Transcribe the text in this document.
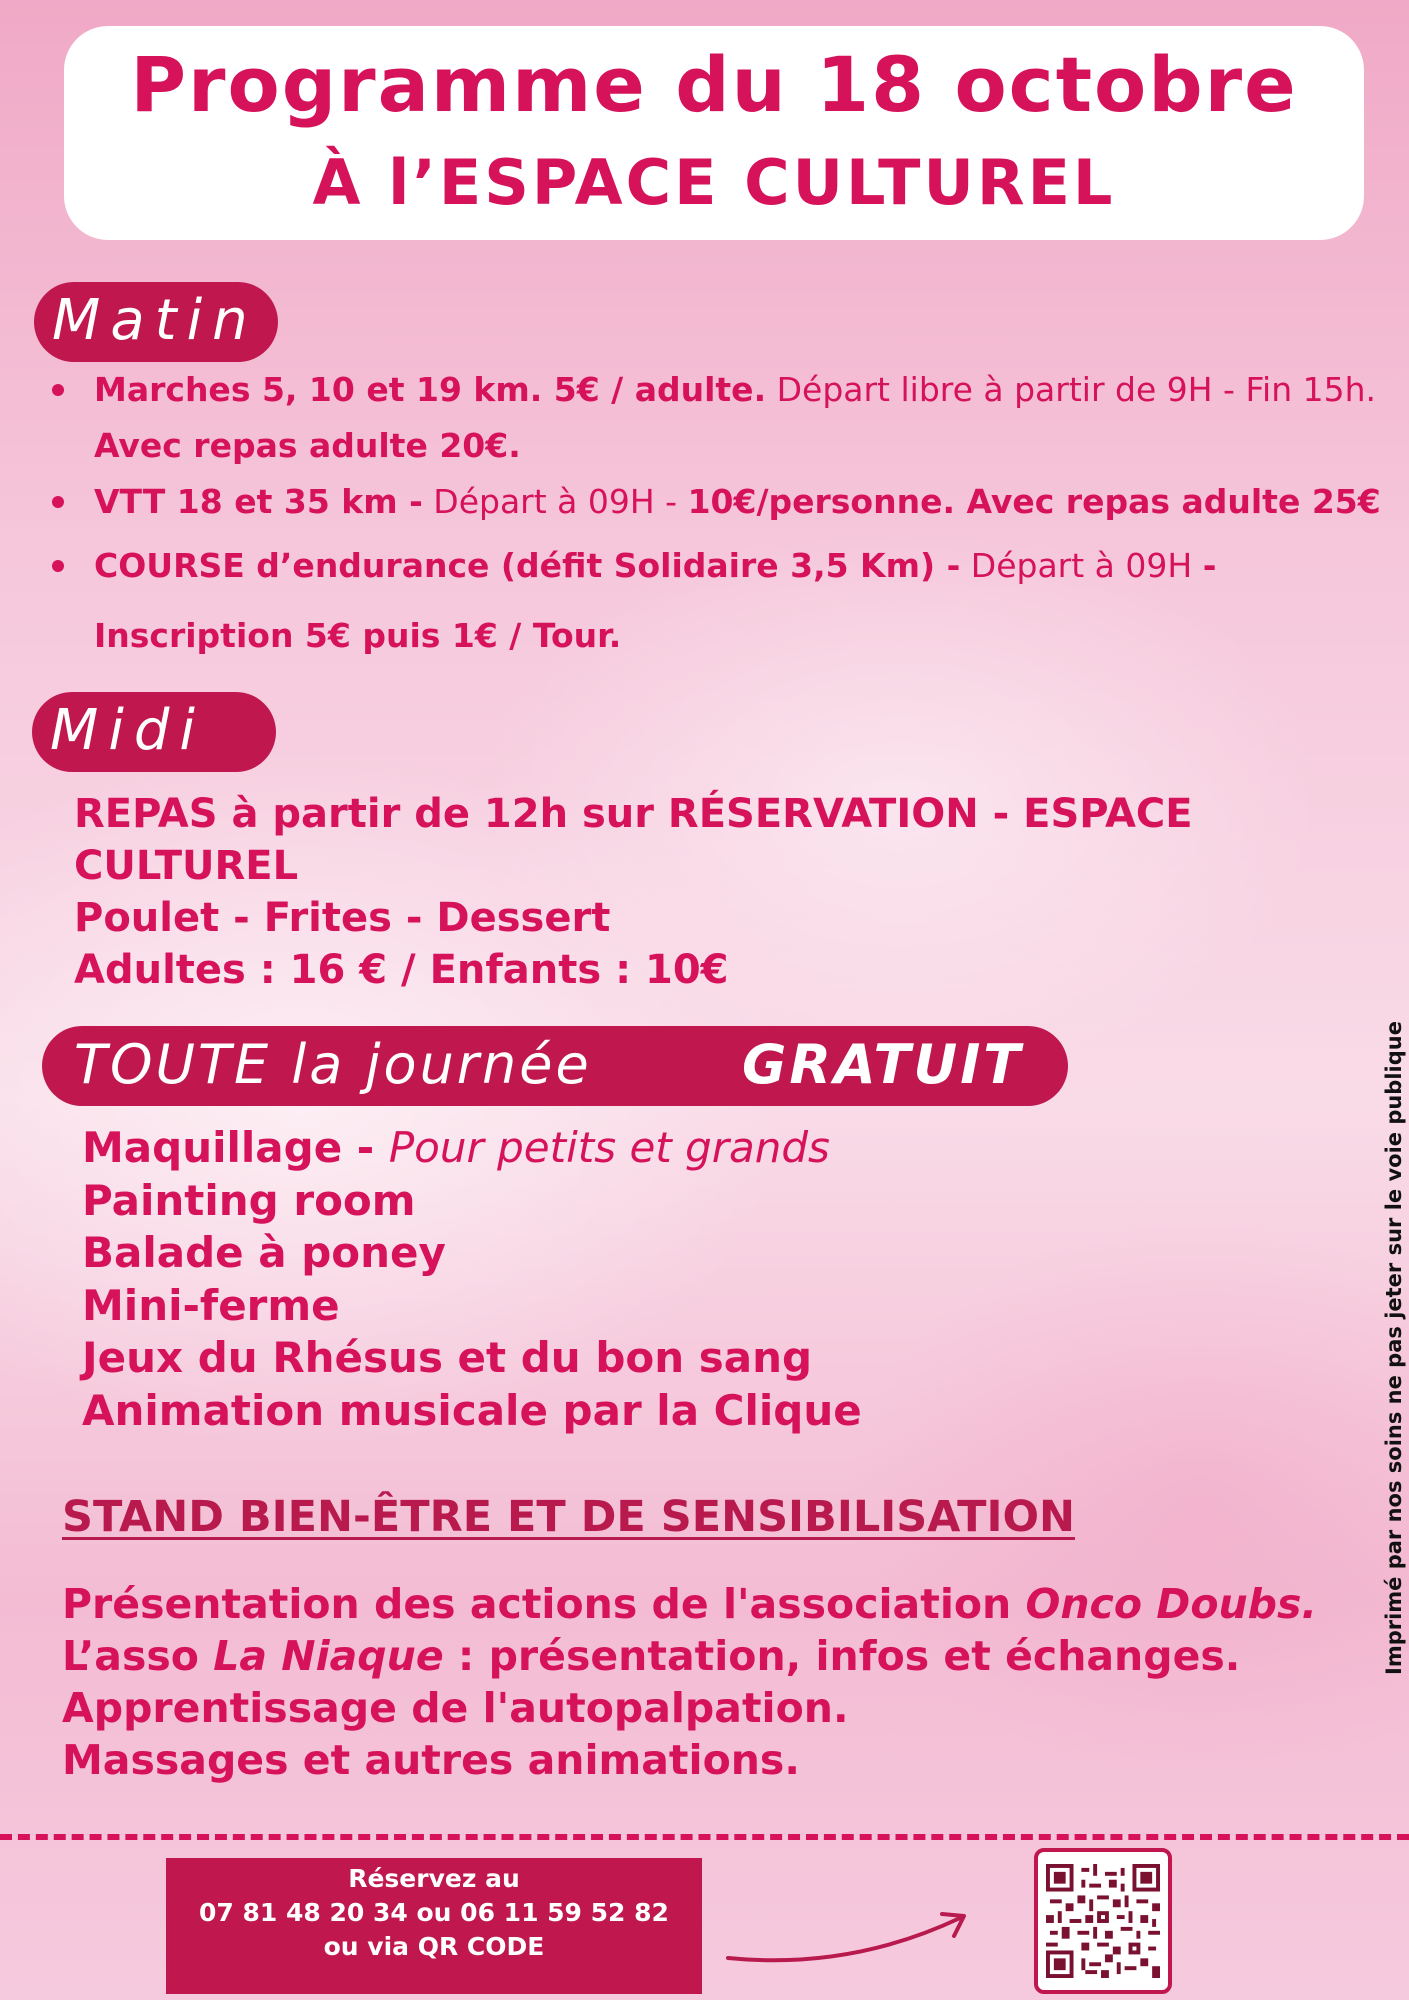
Programme du 18 octobre
À l’ESPACE CULTUREL
Matin
Marches 5, 10 et 19 km. 5€ / adulte. Départ libre à partir de 9H - Fin 15h.
Avec repas adulte 20€.
VTT 18 et 35 km - Départ à 09H - 10€/personne. Avec repas adulte 25€
COURSE d’endurance (défit Solidaire 3,5 Km) - Départ à 09H -
Inscription 5€ puis 1€ / Tour.
Midi
REPAS à partir de 12h sur RÉSERVATION - ESPACE
CULTUREL
Poulet - Frites - Dessert
Adultes : 16 € / Enfants : 10€
TOUTE la journée	GRATUIT
Maquillage - Pour petits et grands
Painting room
Balade à poney
Mini-ferme
Jeux du Rhésus et du bon sang
Animation musicale par la Clique
STAND BIEN-ÊTRE ET DE SENSIBILISATION
Présentation des actions de l'association Onco Doubs.
L’asso La Niaque : présentation, infos et échanges.
Apprentissage de l'autopalpation.
Massages et autres animations.
Imprimé par nos soins ne pas jeter sur le voie publique
Réservez au
07 81 48 20 34 ou 06 11 59 52 82
ou via QR CODE
